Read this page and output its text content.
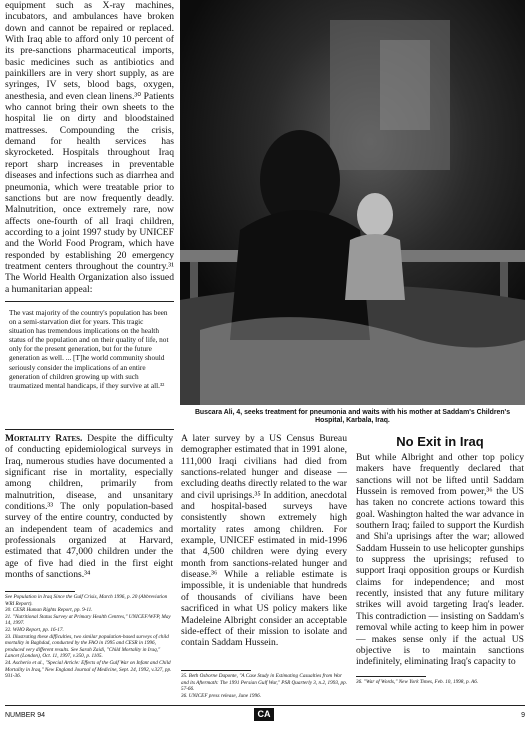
equipment such as X-ray machines, incubators, and ambulances have broken down and cannot be repaired or replaced. With Iraq able to afford only 10 percent of its pre-sanctions pharmaceutical imports, basic medicines such as antibiotics and painkillers are in very short supply, as are syringes, IV sets, blood bags, oxygen, anesthesia, and even clean linens.³⁰ Patients who cannot bring their own sheets to the hospital lie on dirty and bloodstained mattresses. Compounding the crisis, demand for health services has skyrocketed. Hospitals throughout Iraq report sharp increases in preventable diseases and infections such as diarrhea and pneumonia, which were treatable prior to sanctions but are now frequently deadly. Malnutrition, once extremely rare, now affects one-fourth of all Iraqi children, according to a joint 1997 study by UNICEF and the World Food Program, which have responded by establishing 20 emergency treatment centers throughout the country.³¹ The World Health Organization also issued a humanitarian appeal:

The vast majority of the country's population has been on a semi-starvation diet for years. This tragic situation has tremendous implications on the health status of the population and on their quality of life, not only for the present generation, but for the future generation as well. ... [T]he world community should seriously consider the implications of an entire generation of children growing up with such traumatized mental handicaps, if they survive at all.³²
Buscara Ali, 4, seeks treatment for pneumonia and waits with his mother at Saddam's Children's Hospital, Karbala, Iraq.

Mortality Rates. Despite the difficulty of conducting epidemiological surveys in Iraq, numerous studies have documented a significant rise in mortality, especially among children, primarily from malnutrition, disease, and unsanitary conditions.³³ The only population-based survey of the entire country, conducted by an independent team of academics and professionals organized at Harvard, estimated that 47,000 children under the age of five had died in the first eight months of sanctions.³⁴

See Population in Iraq Since the Gulf Crisis, March 1996, p. 20 (Abbreviation WRI Report).
30. CESR Human Rights Report, pp. 9-11.
31. "Nutritional Status Survey at Primary Health Centres," UNICEF/WFP, May 14, 1997.
32. WHO Report, pp. 16-17.
33. Illustrating these difficulties, two similar population-based surveys of child mortality in Baghdad, conducted by the FAO in 1995 and CESR in 1996, produced very different results. See Sarah Zaidi, "Child Mortality in Iraq," Lancet (London), Oct. 11, 1997, v.350, p. 1105.
34. Ascherio et al., "Special Article: Effects of the Gulf War on Infant and Child Mortality in Iraq," New England Journal of Medicine, Sept. 24, 1992, v.327, pp. 931-36.

A later survey by a US Census Bureau demographer estimated that in 1991 alone, 111,000 Iraqi civilians had died from sanctions-related hunger and disease — excluding deaths directly related to the war and civil uprisings.³⁵ In addition, anecdotal and hospital-based surveys have consistently shown extremely high mortality rates among children. For example, UNICEF estimated in mid-1996 that 4,500 children were dying every month from sanctions-related hunger and disease.³⁶ While a reliable estimate is impossible, it is undeniable that hundreds of thousands of civilians have been sacrificed in what US policy makers like Madeleine Albright consider an acceptable side-effect of their mission to isolate and contain Saddam Hussein.

35. Beth Osborne Daponte, "A Case Study in Estimating Casualties from War and its Aftermath: The 1991 Persian Gulf War," PSR Quarterly 3, n.2, 1993, pp. 57-66.
36. UNICEF press release, June 1996.
No Exit in Iraq

But while Albright and other top policy makers have frequently declared that sanctions will not be lifted until Saddam Hussein is removed from power,³⁶ the US has taken no concrete actions toward this goal. Washington halted the war advance in southern Iraq; failed to support the Kurdish and Shi'a uprisings after the war; allowed Saddam Hussein to use helicopter gunships to suppress the uprisings; refused to support Iraqi opposition groups or Kurdish claims for independence; and most recently, insisted that any future military strikes will avoid targeting Iraq's leader. This contradiction — insisting on Saddam's removal while acting to keep him in power — makes sense only if the actual US objective is to maintain sanctions indefinitely, eliminating Iraq's capacity to

36. "War of Words," New York Times, Feb. 10, 1998, p. A6.
NUMBER 94	CA	9
